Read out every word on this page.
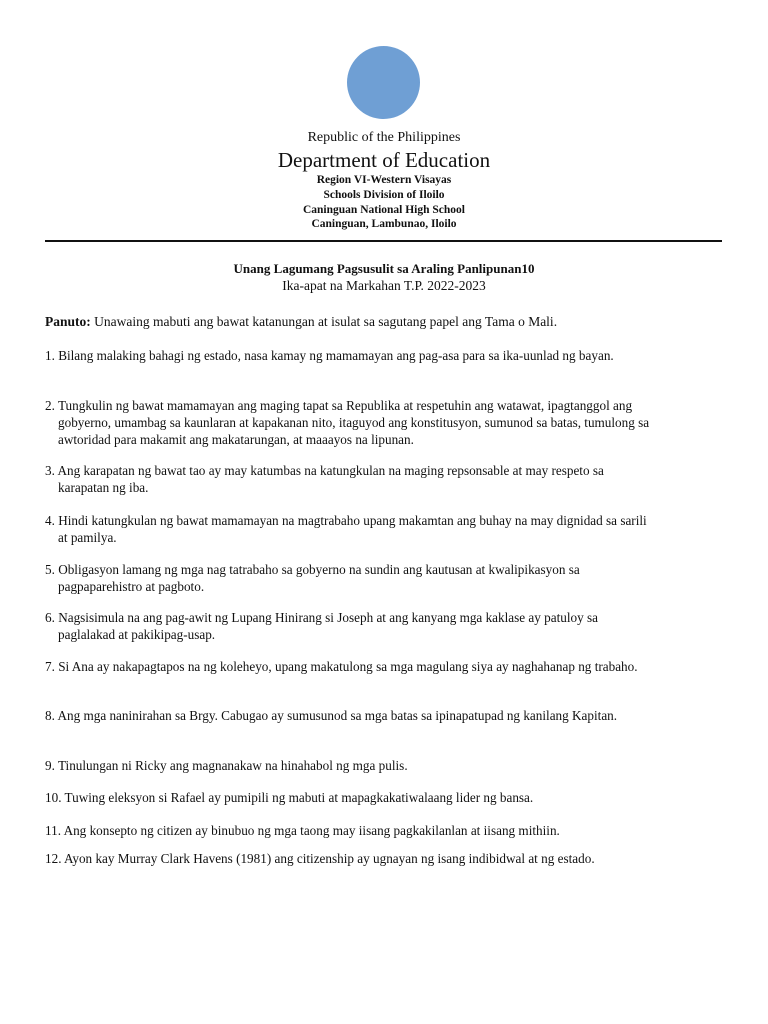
Republic of the Philippines
Department of Education
Region VI-Western Visayas
Schools Division of Iloilo
Caninguan National High School
Caninguan, Lambunao, Iloilo
Unang Lagumang Pagsusulit sa Araling Panlipunan10
Ika-apat na Markahan T.P. 2022-2023
Panuto: Unawaing mabuti ang bawat katanungan at isulat sa sagutang papel ang Tama o Mali.
1. Bilang malaking bahagi ng estado, nasa kamay ng mamamayan ang pag-asa para sa ika-uunlad ng bayan.
2. Tungkulin ng bawat mamamayan ang maging tapat sa Republika at respetuhin ang watawat, ipagtanggol ang gobyerno, umambag sa kaunlaran at kapakanan nito, itaguyod ang konstitusyon, sumunod sa batas, tumulong sa awtoridad para makamit ang makatarungan, at maaayos na lipunan.
3. Ang karapatan ng bawat tao ay may katumbas na katungkulan na maging repsonsable at may respeto sa karapatan ng iba.
4. Hindi katungkulan ng bawat mamamayan na magtrabaho upang makamtan ang buhay na may dignidad sa sarili at pamilya.
5. Obligasyon lamang ng mga nag tatrabaho sa gobyerno na sundin ang kautusan at kwalipikasyon sa pagpaparehistro at pagboto.
6. Nagsisimula na ang pag-awit ng Lupang Hinirang si Joseph at ang kanyang mga kaklase ay patuloy sa paglalakad at pakikipag-usap.
7. Si Ana ay nakapagtapos na ng koleheyo, upang makatulong sa mga magulang siya ay naghahanap ng trabaho.
8. Ang mga naninirahan sa Brgy. Cabugao ay sumusunod sa mga batas sa ipinapatupad ng kanilang Kapitan.
9. Tinulungan ni Ricky ang magnanakaw na hinahabol ng mga pulis.
10. Tuwing eleksyon si Rafael ay pumipili ng mabuti at mapagkakatiwalaang lider ng bansa.
11. Ang konsepto ng citizen ay binubuo ng mga taong may iisang pagkakilanlan at iisang mithiin.
12. Ayon kay Murray Clark Havens (1981) ang citizenship ay ugnayan ng isang indibidwal at ng estado.
